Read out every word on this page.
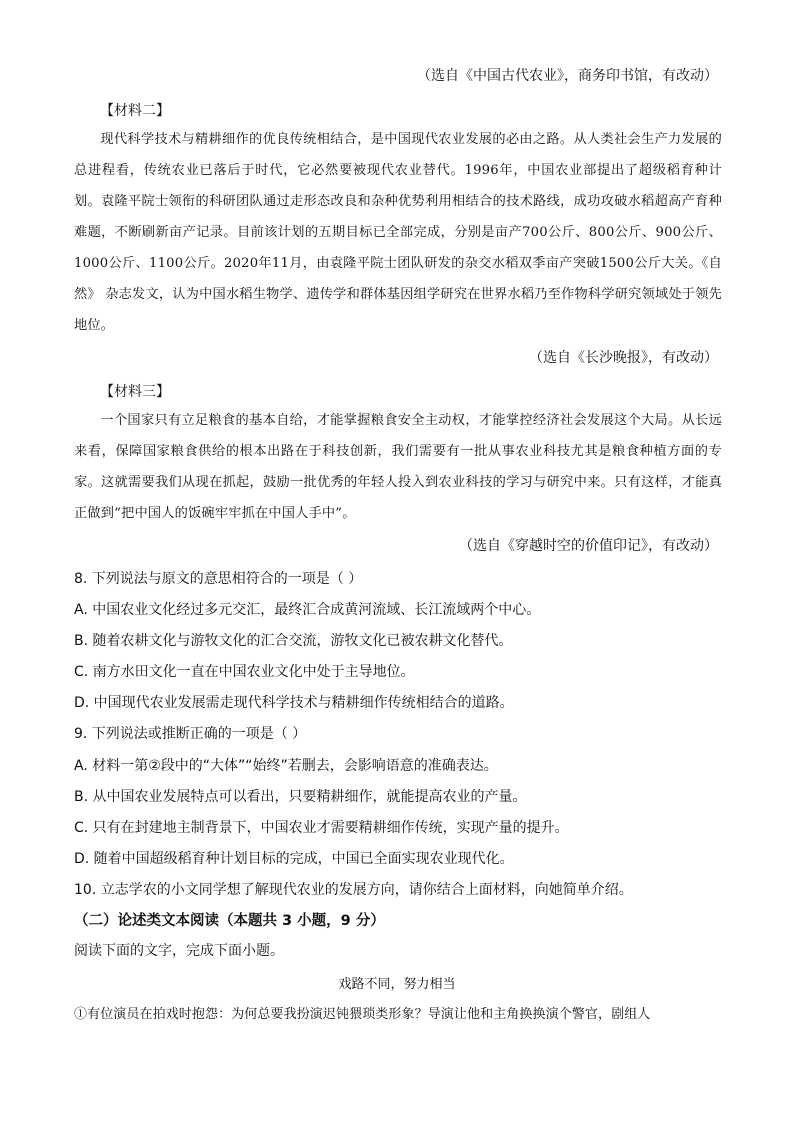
（选自《中国古代农业》，商务印书馆，有改动）
【材料二】
现代科学技术与精耕细作的优良传统相结合，是中国现代农业发展的必由之路。从人类社会生产力发展的总进程看，传统农业已落后于时代，它必然要被现代农业替代。1996年，中国农业部提出了超级稻育种计划。袁隆平院士领衔的科研团队通过走形态改良和杂种优势利用相结合的技术路线，成功攻破水稻超高产育种难题，不断刷新亩产记录。目前该计划的五期目标已全部完成，分别是亩产700公斤、800公斤、900公斤、1000公斤、1100公斤。2020年11月，由袁隆平院士团队研发的杂交水稻双季亩产突破1500公斤大关。《自然》 杂志发文，认为中国水稻生物学、遗传学和群体基因组学研究在世界水稻乃至作物科学研究领域处于领先地位。
（选自《长沙晚报》，有改动）
【材料三】
一个国家只有立足粮食的基本自给，才能掌握粮食安全主动权，才能掌控经济社会发展这个大局。从长远来看，保障国家粮食供给的根本出路在于科技创新，我们需要有一批从事农业科技尤其是粮食种植方面的专家。这就需要我们从现在抓起，鼓励一批优秀的年轻人投入到农业科技的学习与研究中来。只有这样，才能真正做到“把中国人的饭碗牢牢抓在中国人手中”。
（选自《穿越时空的价值印记》，有改动）
8. 下列说法与原文的意思相符合的一项是（ ）
A. 中国农业文化经过多元交汇，最终汇合成黄河流域、长江流域两个中心。
B. 随着农耕文化与游牧文化的汇合交流，游牧文化已被农耕文化替代。
C. 南方水田文化一直在中国农业文化中处于主导地位。
D. 中国现代农业发展需走现代科学技术与精耕细作传统相结合的道路。
9. 下列说法或推断正确的一项是（ ）
A. 材料一第②段中的“大体”“始终”若删去，会影响语意的准确表达。
B. 从中国农业发展特点可以看出，只要精耕细作，就能提高农业的产量。
C. 只有在封建地主制背景下，中国农业才需要精耕细作传统，实现产量的提升。
D. 随着中国超级稻育种计划目标的完成，中国已全面实现农业现代化。
10. 立志学农的小文同学想了解现代农业的发展方向，请你结合上面材料，向她简单介绍。
（二）论述类文本阅读（本题共 3 小题，9 分）
阅读下面的文字，完成下面小题。
戏路不同，努力相当
①有位演员在拍戏时抱怨：为何总要我扮演迟钝猥琐类形象？导演让他和主角换换演个警官，剧组人
